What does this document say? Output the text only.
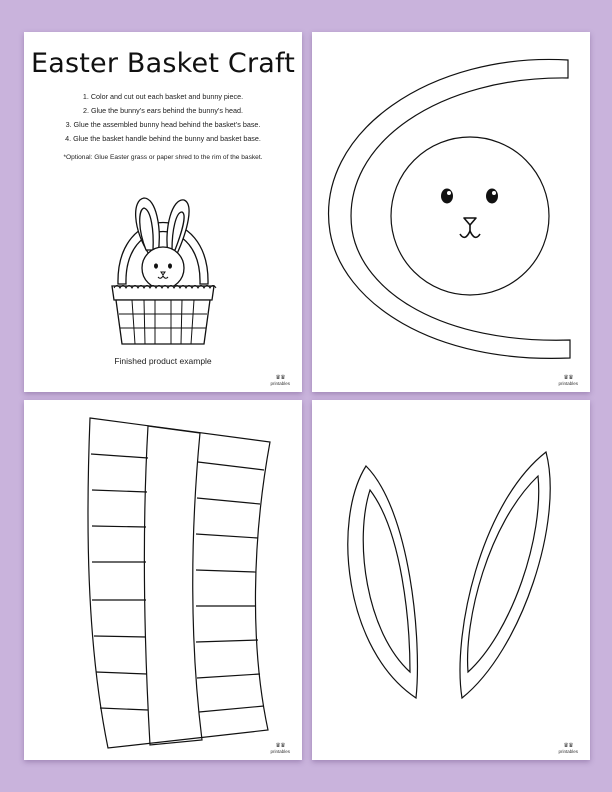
Easter Basket Craft
1. Color and cut out each basket and bunny piece.
2. Glue the bunny’s ears behind the bunny’s head.
3. Glue the assembled bunny head behind the basket’s base.
4. Glue the basket handle behind the bunny and basket base.
*Optional: Glue Easter grass or paper shred to the rim of the basket.
Finished product example
♛♛
printables
♛♛
printables
♛♛
printables
♛♛
printables
